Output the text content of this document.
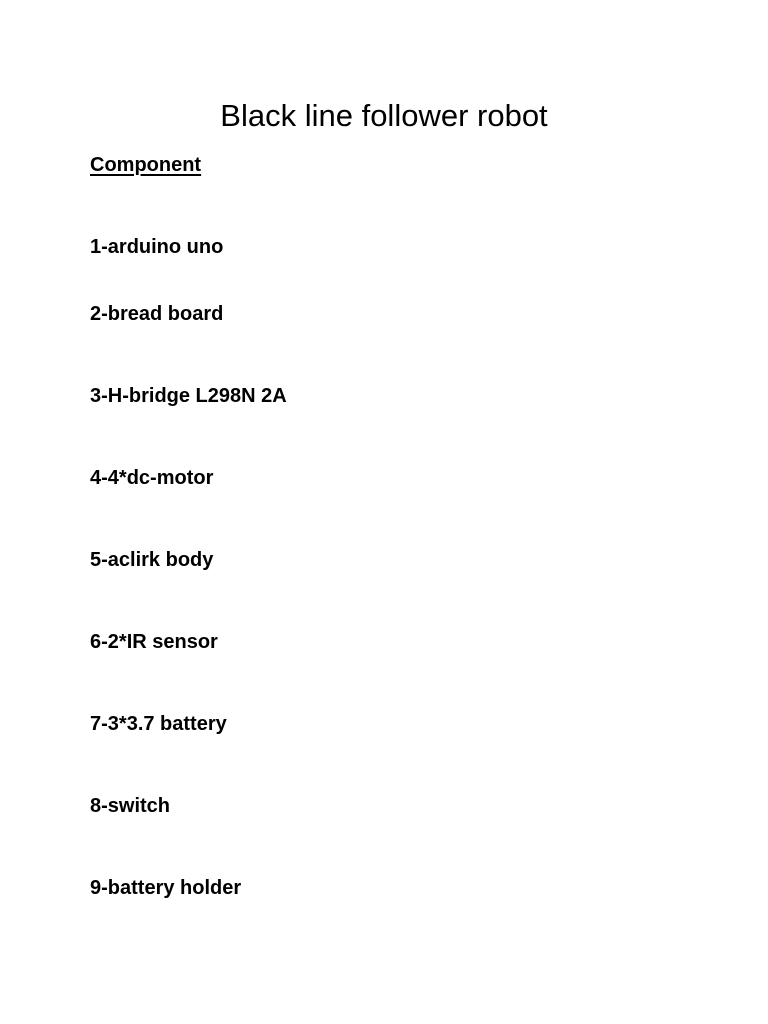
Black line follower robot
Component
1-arduino uno
2-bread board
3-H-bridge L298N 2A
4-4*dc-motor
5-aclirk body
6-2*IR sensor
7-3*3.7 battery
8-switch
9-battery holder
